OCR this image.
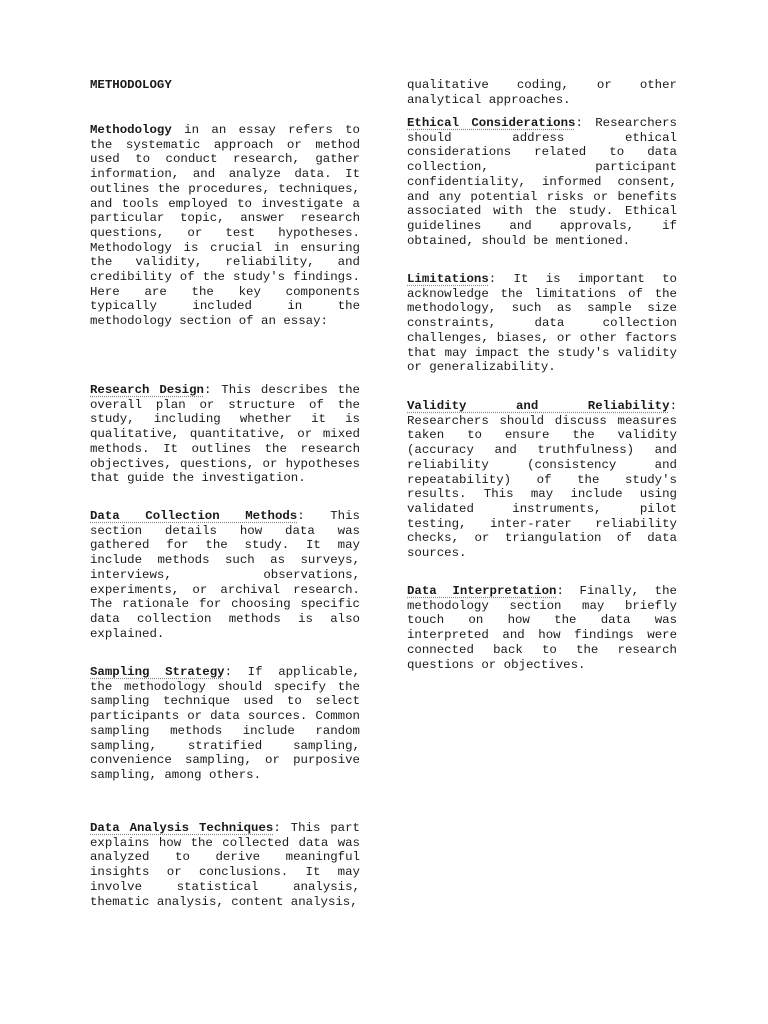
METHODOLOGY

Methodology in an essay refers to the systematic approach or method used to conduct research, gather information, and analyze data. It outlines the procedures, techniques, and tools employed to investigate a particular topic, answer research questions, or test hypotheses. Methodology is crucial in ensuring the validity, reliability, and credibility of the study's findings. Here are the key components typically included in the methodology section of an essay:

Research Design: This describes the overall plan or structure of the study, including whether it is qualitative, quantitative, or mixed methods. It outlines the research objectives, questions, or hypotheses that guide the investigation.

Data Collection Methods: This section details how data was gathered for the study. It may include methods such as surveys, interviews, observations, experiments, or archival research. The rationale for choosing specific data collection methods is also explained.

Sampling Strategy: If applicable, the methodology should specify the sampling technique used to select participants or data sources. Common sampling methods include random sampling, stratified sampling, convenience sampling, or purposive sampling, among others.

Data Analysis Techniques: This part explains how the collected data was analyzed to derive meaningful insights or conclusions. It may involve statistical analysis, thematic analysis, content analysis,

qualitative coding, or other analytical approaches.

Ethical Considerations: Researchers should address ethical considerations related to data collection, participant confidentiality, informed consent, and any potential risks or benefits associated with the study. Ethical guidelines and approvals, if obtained, should be mentioned.

Limitations: It is important to acknowledge the limitations of the methodology, such as sample size constraints, data collection challenges, biases, or other factors that may impact the study's validity or generalizability.

Validity and Reliability: Researchers should discuss measures taken to ensure the validity (accuracy and truthfulness) and reliability (consistency and repeatability) of the study's results. This may include using validated instruments, pilot testing, inter-rater reliability checks, or triangulation of data sources.

Data Interpretation: Finally, the methodology section may briefly touch on how the data was interpreted and how findings were connected back to the research questions or objectives.
